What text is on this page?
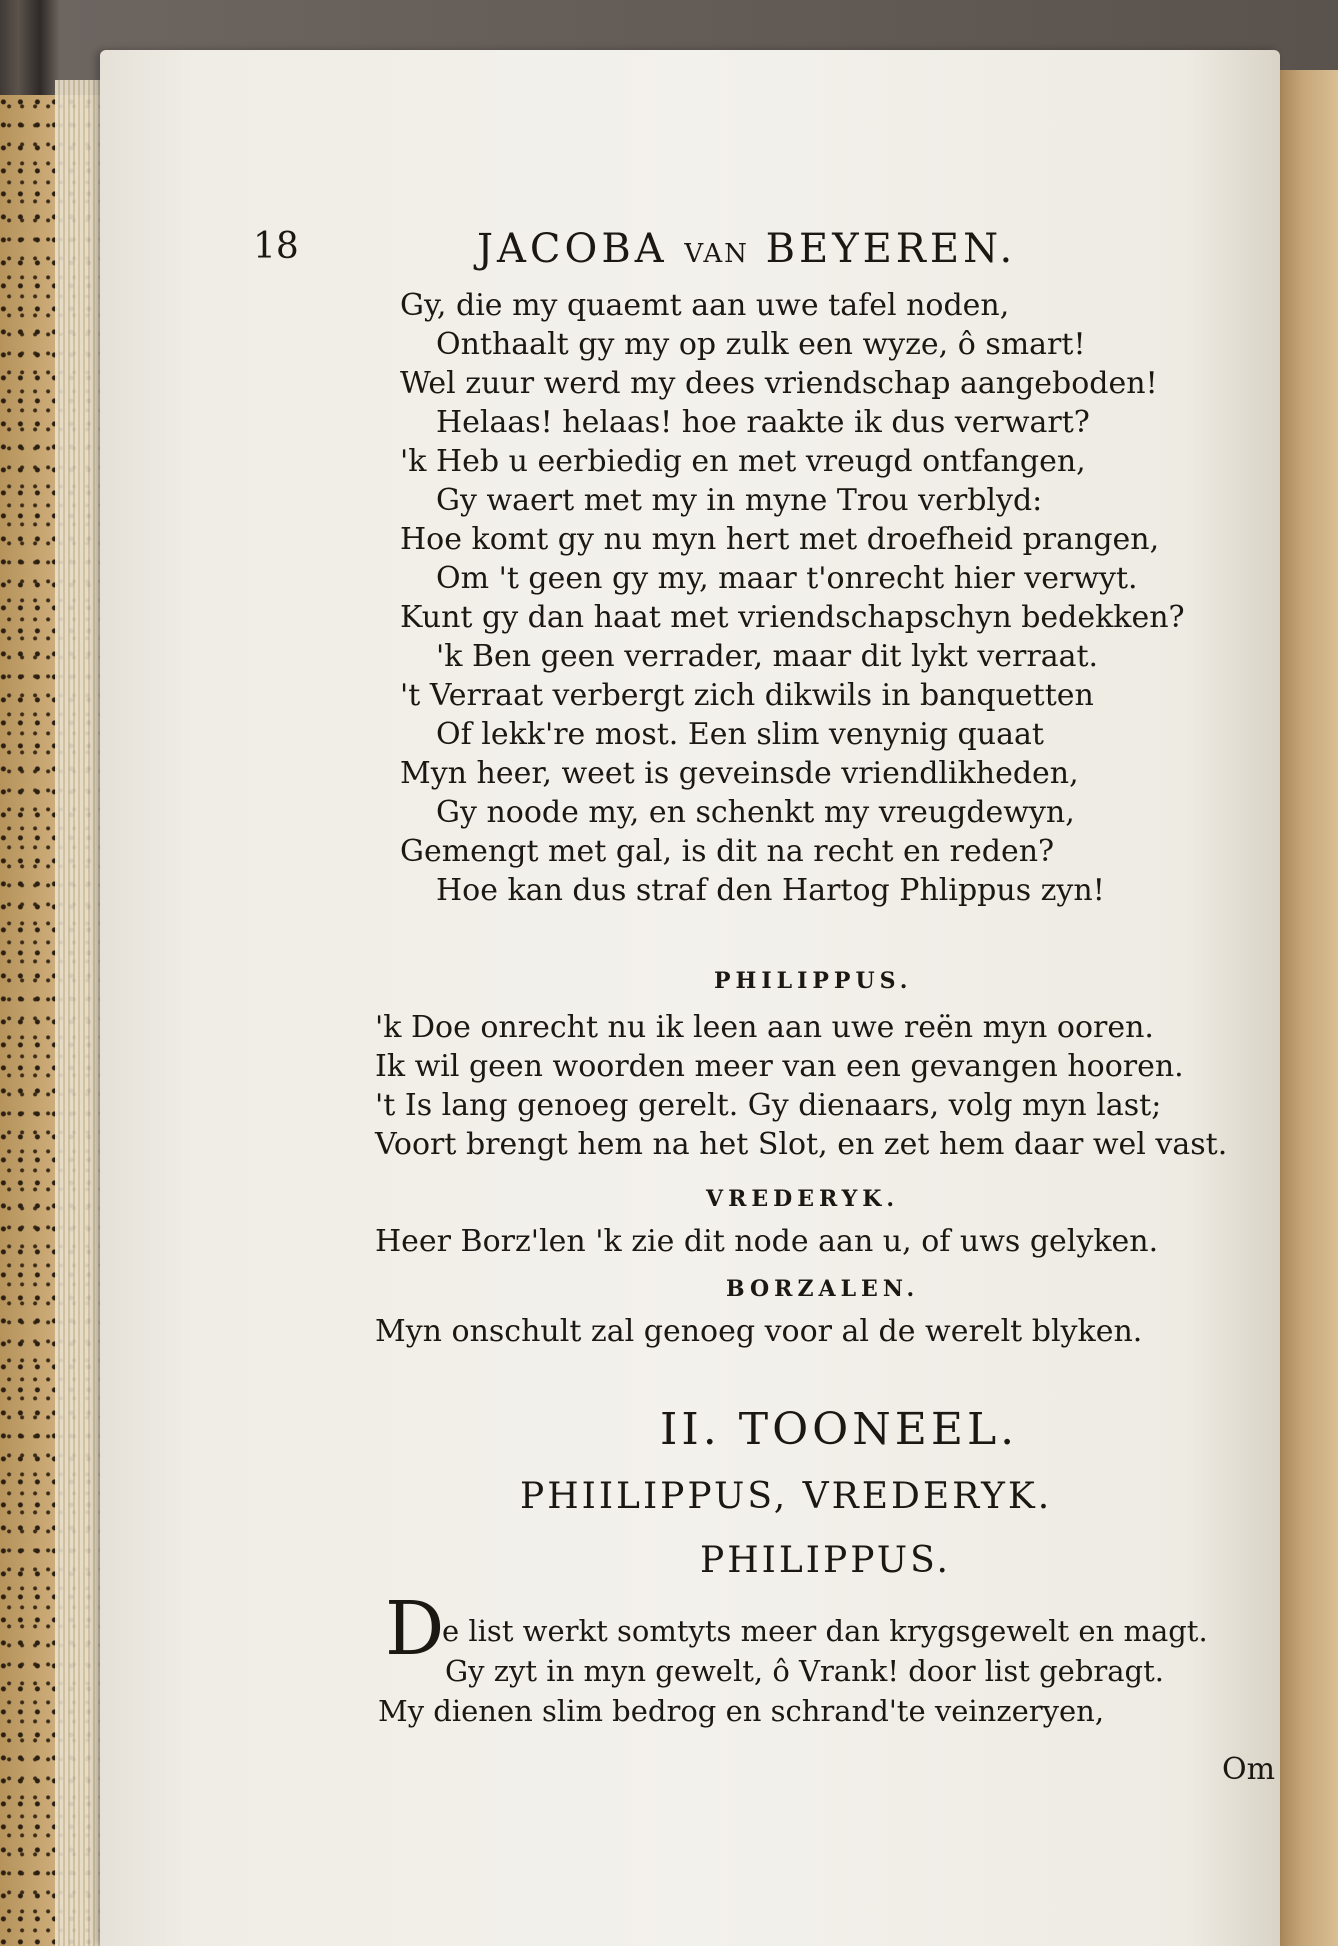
18	JACOBA VAN BEYEREN.
Gy, die my quaemt aan uwe tafel noden,
Onthaalt gy my op zulk een wyze, ô smart!
Wel zuur werd my dees vriendschap aangeboden!
Helaas! helaas! hoe raakte ik dus verwart?
'k Heb u eerbiedig en met vreugd ontfangen,
Gy waert met my in myne Trou verblyd:
Hoe komt gy nu myn hert met droefheid prangen,
Om 't geen gy my, maar t'onrecht hier verwyt.
Kunt gy dan haat met vriendschapschyn bedekken?
'k Ben geen verrader, maar dit lykt verraat.
't Verraat verbergt zich dikwils in banquetten
Of lekk're most. Een slim venynig quaat
Myn heer, weet is geveinsde vriendlikheden,
Gy noode my, en schenkt my vreugdewyn,
Gemengt met gal, is dit na recht en reden?
Hoe kan dus straf den Hartog Phlippus zyn!
PHILIPPUS.
'k Doe onrecht nu ik leen aan uwe reën myn ooren.
Ik wil geen woorden meer van een gevangen hooren.
't Is lang genoeg gerelt. Gy dienaars, volg myn last;
Voort brengt hem na het Slot, en zet hem daar wel vast.
VREDERYK.
Heer Borz'len 'k zie dit node aan u, of uws gelyken.
BORZALEN.
Myn onschult zal genoeg voor al de werelt blyken.
II. TOONEEL.
PHIILIPPUS, VREDERYK.
PHILIPPUS.
D
e list werkt somtyts meer dan krygsgewelt en magt.
Gy zyt in myn gewelt, ô Vrank! door list gebragt.
My dienen slim bedrog en schrand'te veinzeryen,
Om
